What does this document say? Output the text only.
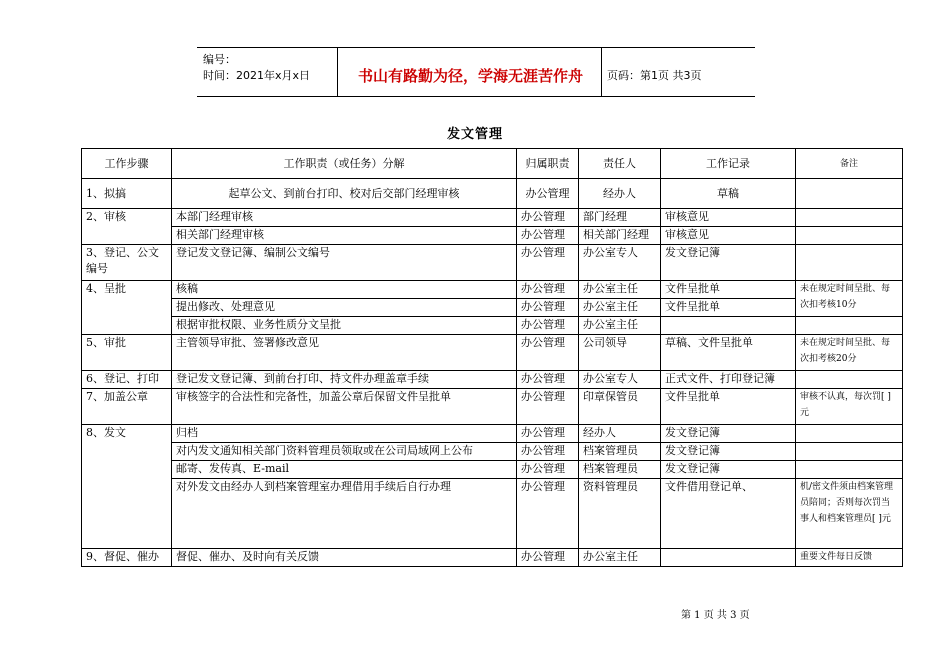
编号：
时间：2021年x月x日	书山有路勤为径，学海无涯苦作舟	页码：第1页 共3页
发文管理
工作步骤	工作职责（或任务）分解	归属职责	责任人	工作记录	备注
1、拟搞	起草公文、到前台打印、校对后交部门经理审核	办公管理	经办人	草稿	
2、审核	本部门经理审核	办公管理	部门经理	审核意见	
	相关部门经理审核	办公管理	相关部门经理	审核意见	
3、登记、公文编号	登记发文登记簿、编制公文编号	办公管理	办公室专人	发文登记簿	
4、呈批	核稿	办公管理	办公室主任	文件呈批单	未在规定时间呈批、每次扣考核10分
	提出修改、处理意见	办公管理	办公室主任	文件呈批单	
	根据审批权限、业务性质分文呈批	办公管理	办公室主任		
5、审批	主管领导审批、签署修改意见	办公管理	公司领导	草稿、文件呈批单	未在规定时间呈批、每次扣考核20分
6、登记、打印	登记发文登记簿、到前台打印、持文件办理盖章手续	办公管理	办公室专人	正式文件、打印登记簿	
7、加盖公章	审核签字的合法性和完备性，加盖公章后保留文件呈批单	办公管理	印章保管员	文件呈批单	审核不认真，每次罚[ ]元
8、发文	归档	办公管理	经办人	发文登记簿	
	对内发文通知相关部门资料管理员领取或在公司局域网上公布	办公管理	档案管理员	发文登记簿	
	邮寄、发传真、E-mail	办公管理	档案管理员	发文登记簿	
	对外发文由经办人到档案管理室办理借用手续后自行办理	办公管理	资料管理员	文件借用登记单、	机/密文件须由档案管理员陪同；否则每次罚当事人和档案管理员[ ]元
9、督促、催办	督促、催办、及时向有关反馈	办公管理	办公室主任		重要文件每日反馈
第 1 页 共 3 页
